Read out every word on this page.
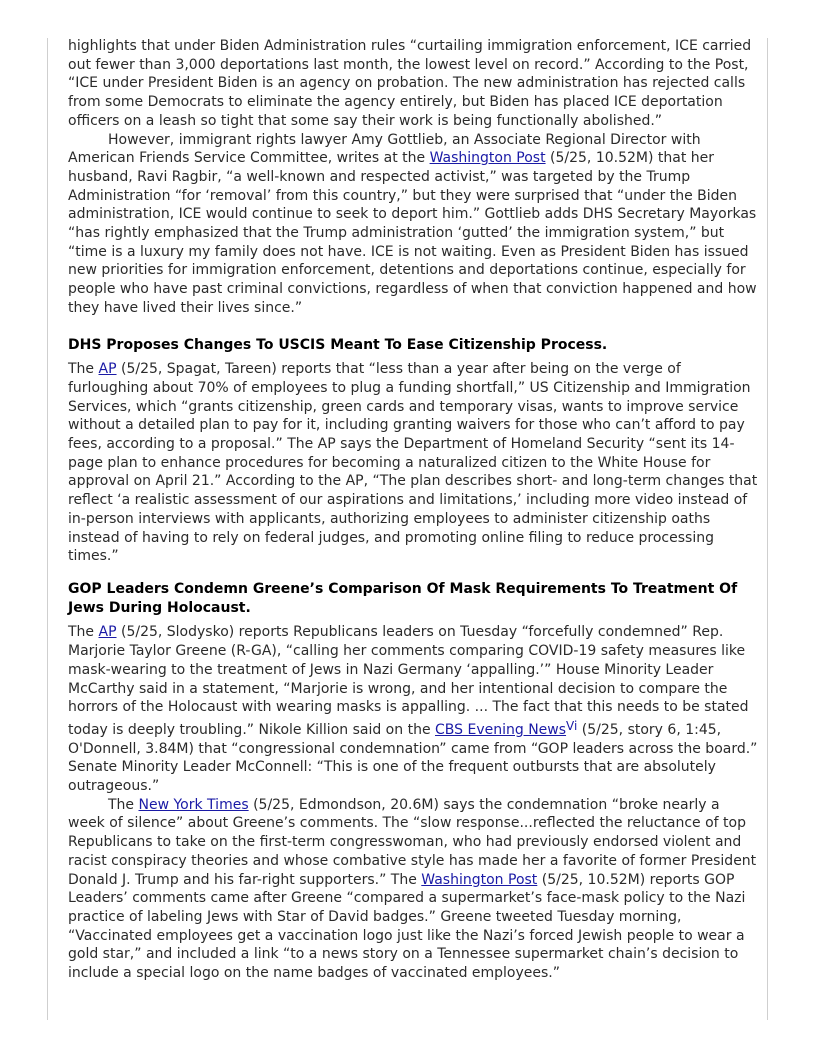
highlights that under Biden Administration rules “curtailing immigration enforcement, ICE carried out fewer than 3,000 deportations last month, the lowest level on record.” According to the Post, “ICE under President Biden is an agency on probation. The new administration has rejected calls from some Democrats to eliminate the agency entirely, but Biden has placed ICE deportation officers on a leash so tight that some say their work is being functionally abolished.”

However, immigrant rights lawyer Amy Gottlieb, an Associate Regional Director with American Friends Service Committee, writes at the Washington Post (5/25, 10.52M) that her husband, Ravi Ragbir, “a well-known and respected activist,” was targeted by the Trump Administration “for ‘removal’ from this country,” but they were surprised that “under the Biden administration, ICE would continue to seek to deport him.” Gottlieb adds DHS Secretary Mayorkas “has rightly emphasized that the Trump administration ‘gutted’ the immigration system,” but “time is a luxury my family does not have. ICE is not waiting. Even as President Biden has issued new priorities for immigration enforcement, detentions and deportations continue, especially for people who have past criminal convictions, regardless of when that conviction happened and how they have lived their lives since.”

DHS Proposes Changes To USCIS Meant To Ease Citizenship Process.

The AP (5/25, Spagat, Tareen) reports that “less than a year after being on the verge of furloughing about 70% of employees to plug a funding shortfall,” US Citizenship and Immigration Services, which “grants citizenship, green cards and temporary visas, wants to improve service without a detailed plan to pay for it, including granting waivers for those who can’t afford to pay fees, according to a proposal.” The AP says the Department of Homeland Security “sent its 14-page plan to enhance procedures for becoming a naturalized citizen to the White House for approval on April 21.” According to the AP, “The plan describes short- and long-term changes that reflect ‘a realistic assessment of our aspirations and limitations,’ including more video instead of in-person interviews with applicants, authorizing employees to administer citizenship oaths instead of having to rely on federal judges, and promoting online filing to reduce processing times.”

GOP Leaders Condemn Greene’s Comparison Of Mask Requirements To Treatment Of Jews During Holocaust.

The AP (5/25, Slodysko) reports Republicans leaders on Tuesday “forcefully condemned” Rep. Marjorie Taylor Greene (R-GA), “calling her comments comparing COVID-19 safety measures like mask-wearing to the treatment of Jews in Nazi Germany ‘appalling.’” House Minority Leader McCarthy said in a statement, “Marjorie is wrong, and her intentional decision to compare the horrors of the Holocaust with wearing masks is appalling. ... The fact that this needs to be stated today is deeply troubling.” Nikole Killion said on the CBS Evening News$^{Vi}$ (5/25, story 6, 1:45, O'Donnell, 3.84M) that “congressional condemnation” came from “GOP leaders across the board.” Senate Minority Leader McConnell: “This is one of the frequent outbursts that are absolutely outrageous.”

The New York Times (5/25, Edmondson, 20.6M) says the condemnation “broke nearly a week of silence” about Greene’s comments. The “slow response...reflected the reluctance of top Republicans to take on the first-term congresswoman, who had previously endorsed violent and racist conspiracy theories and whose combative style has made her a favorite of former President Donald J. Trump and his far-right supporters.” The Washington Post (5/25, 10.52M) reports GOP Leaders’ comments came after Greene “compared a supermarket’s face-mask policy to the Nazi practice of labeling Jews with Star of David badges.” Greene tweeted Tuesday morning, “Vaccinated employees get a vaccination logo just like the Nazi’s forced Jewish people to wear a gold star,” and included a link “to a news story on a Tennessee supermarket chain’s decision to include a special logo on the name badges of vaccinated employees.”
